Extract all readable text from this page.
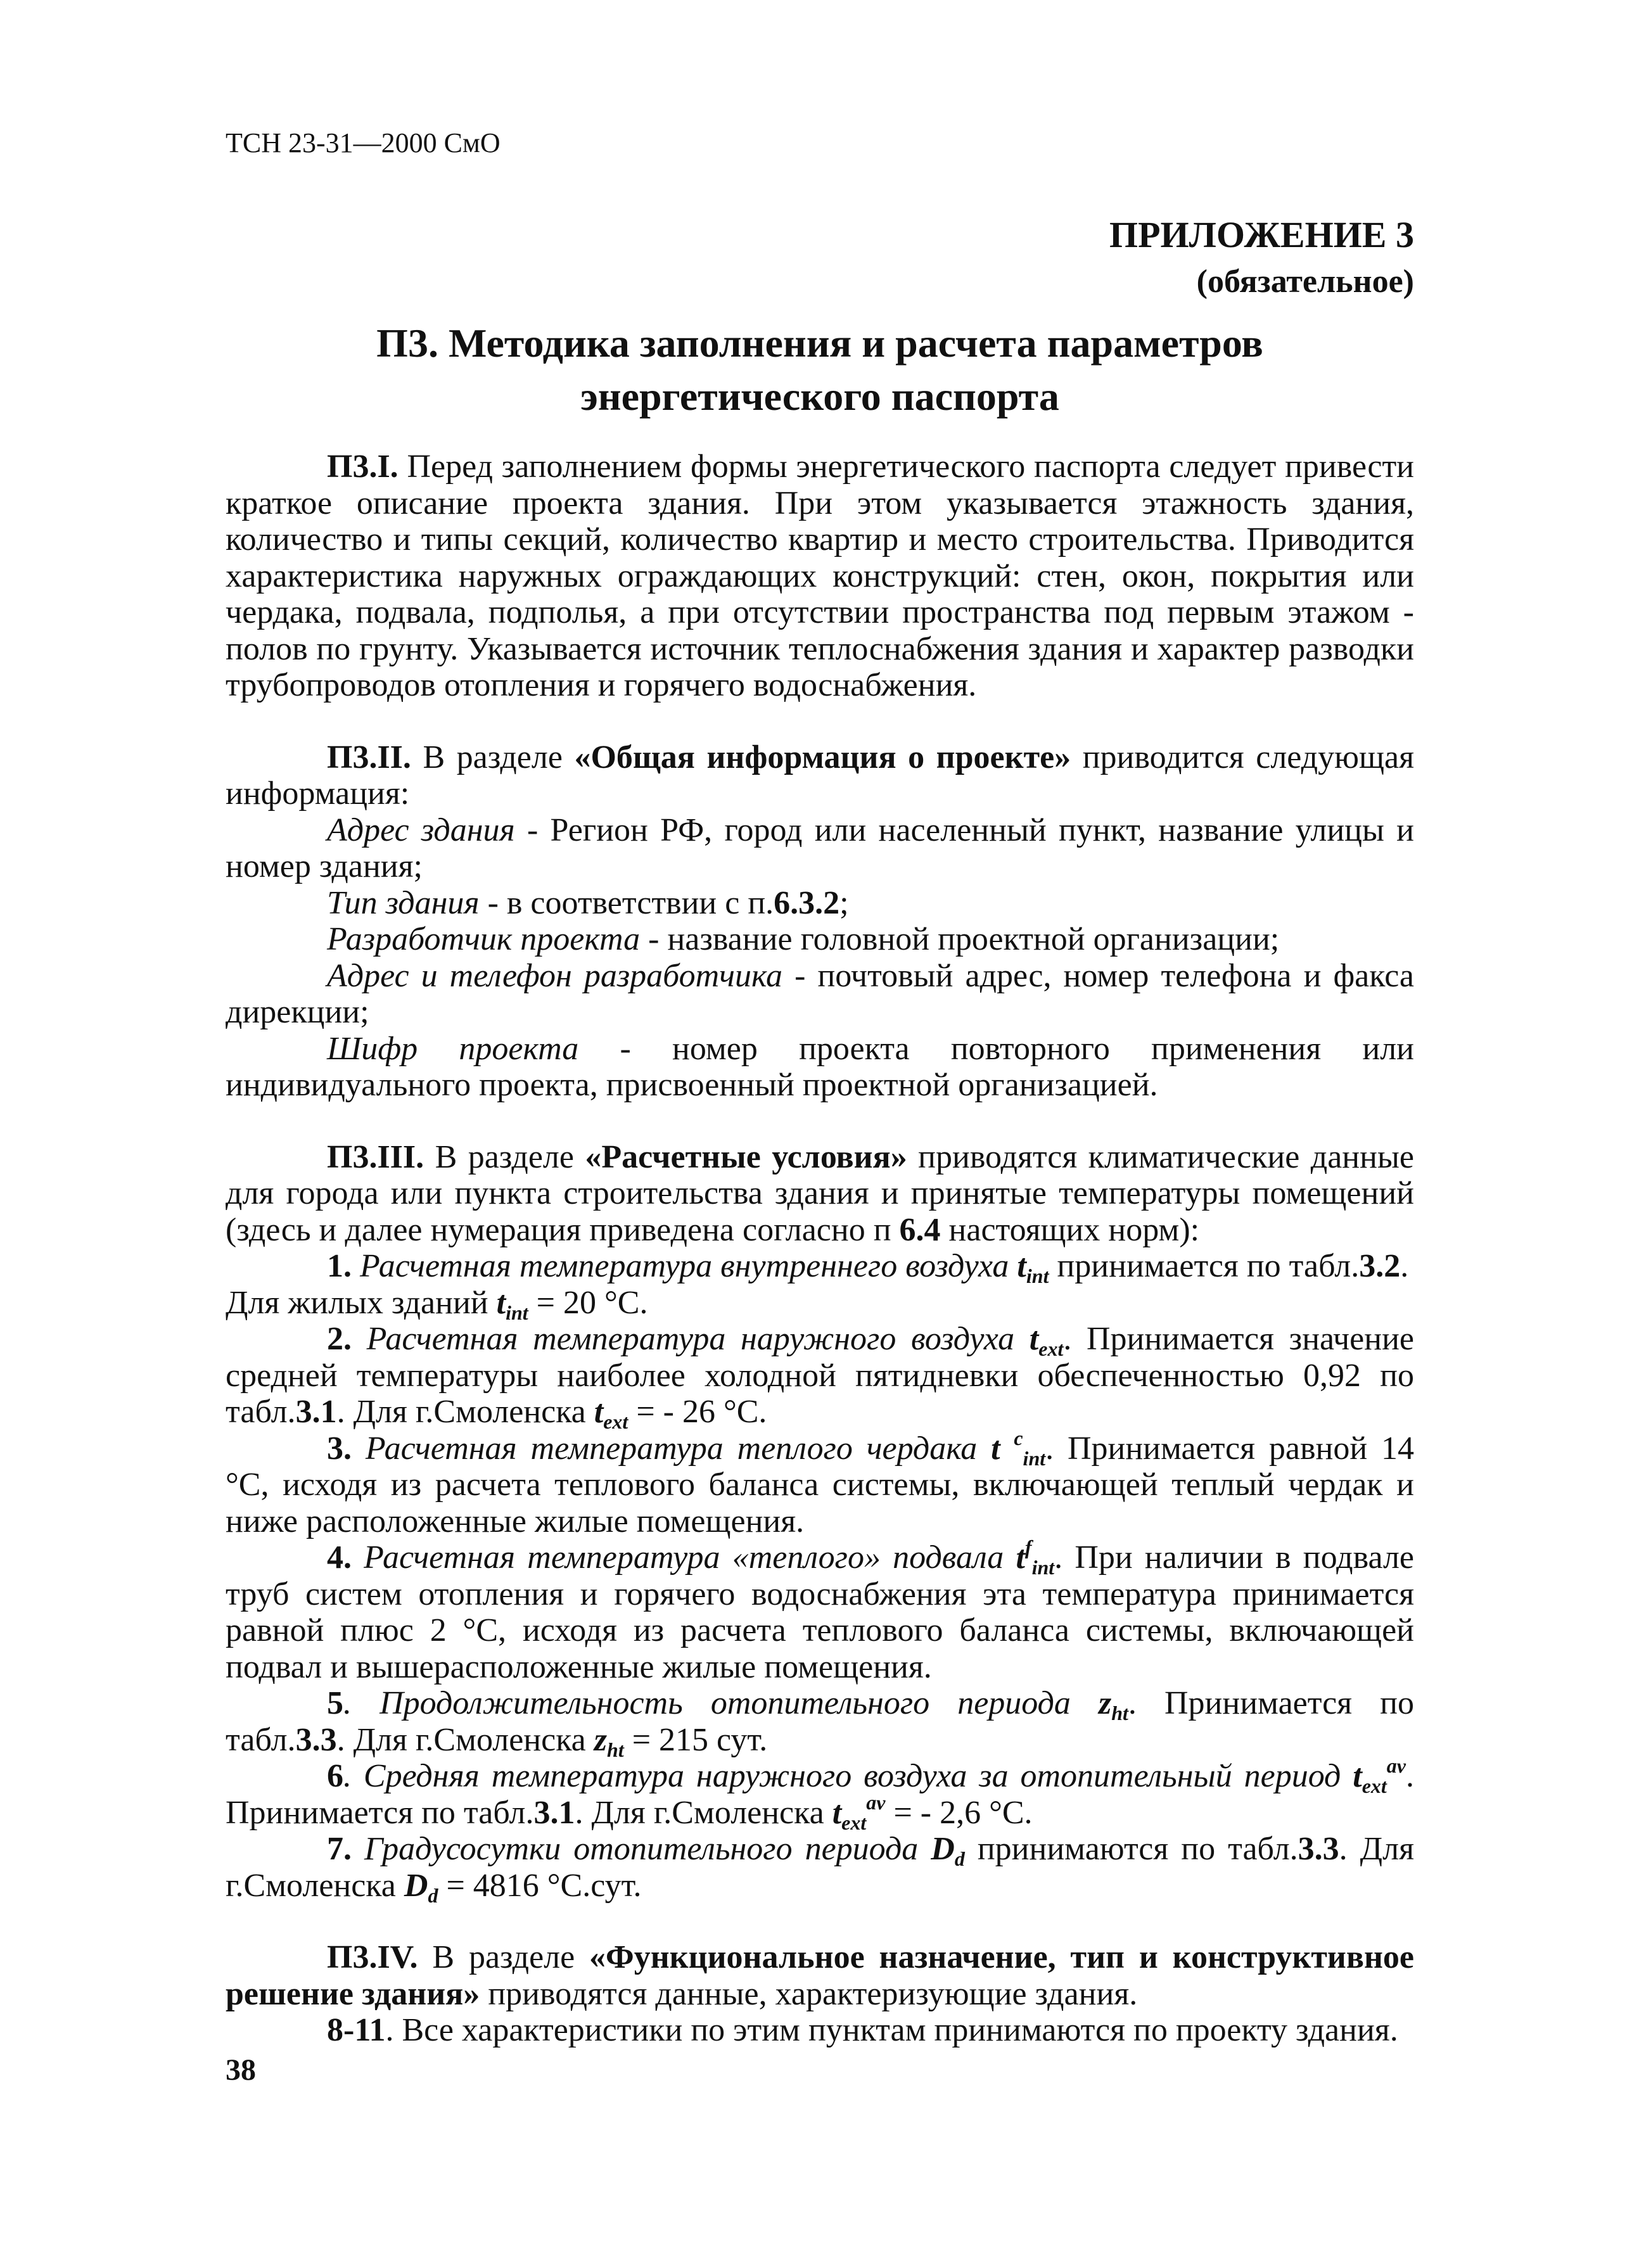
ТСН 23-31—2000 СмО
ПРИЛОЖЕНИЕ 3
(обязательное)
П3. Методика заполнения и расчета параметров
энергетического паспорта

П3.I. Перед заполнением формы энергетического паспорта следует привести краткое описание проекта здания. При этом указывается этажность здания, количество и типы секций, количество квартир и место строительства. Приводится характеристика наружных ограждающих конструкций: стен, окон, покрытия или чердака, подвала, подполья, а при отсутствии пространства под первым этажом - полов по грунту. Указывается источник теплоснабжения здания и характер разводки трубопроводов отопления и горячего водоснабжения.

П3.II. В разделе «Общая информация о проекте» приводится следующая информация:

Адрес здания - Регион РФ, город или населенный пункт, название улицы и номер здания;

Тип здания - в соответствии с п.6.3.2;

Разработчик проекта - название головной проектной организации;

Адрес и телефон разработчика - почтовый адрес, номер телефона и факса дирекции;

Шифр проекта - номер проекта повторного применения или индивидуального проекта, присвоенный проектной организацией.

П3.III. В разделе «Расчетные условия» приводятся климатические данные для города или пункта строительства здания и принятые температуры помещений (здесь и далее нумерация приведена согласно п 6.4 настоящих норм):

1. Расчетная температура внутреннего воздуха $t_{int}$ принимается по табл.3.2.

Для жилых зданий $t_{int} = 20$ °С.

2. Расчетная температура наружного воздуха $t_{ext}$. Принимается значение средней температуры наиболее холодной пятидневки обеспеченностью 0,92 по табл.3.1. Для г.Смоленска $t_{ext}$ = - 26 °С.

3. Расчетная температура теплого чердака t $^c_{int}$. Принимается равной 14 °С, исходя из расчета теплового баланса системы, включающей теплый чердак и ниже расположенные жилые помещения.

4. Расчетная температура «теплого» подвала $t^f_{int}$. При наличии в подвале труб систем отопления и горячего водоснабжения эта температура принимается равной плюс 2 °С, исходя из расчета теплового баланса системы, включающей подвал и вышерасположенные жилые помещения.

5. Продолжительность отопительного периода $z_{ht}$. Принимается по табл.3.3. Для г.Смоленска $z_{ht} = 215$ сут.

6. Средняя температура наружного воздуха за отопительный период $t_{ext}^{av}$. Принимается по табл.3.1. Для г.Смоленска $t_{ext}^{av}$ = - 2,6 °С.

7. Градусосутки отопительного периода $D_d$ принимаются по табл.3.3. Для г.Смоленска $D_d = 4816$ °С.сут.

П3.IV. В разделе «Функциональное назначение, тип и конструктивное решение здания» приводятся данные, характеризующие здания.

8-11. Все характеристики по этим пунктам принимаются по проекту здания.

38
